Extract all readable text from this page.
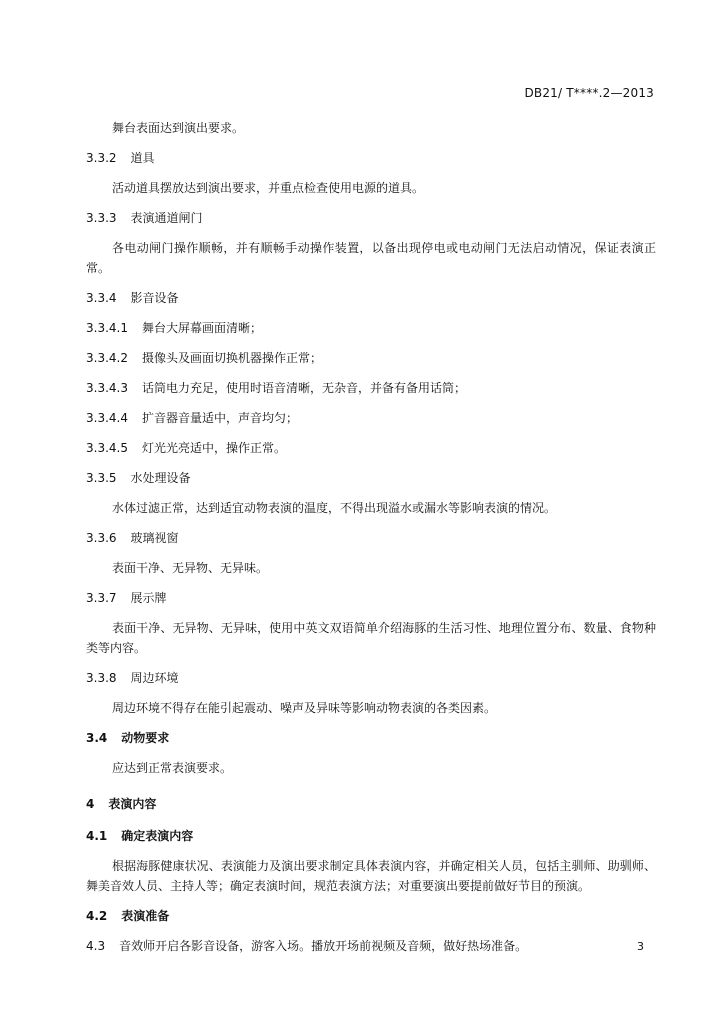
DB21/ T****.2—2013
舞台表面达到演出要求。
3.3.2 道具
活动道具摆放达到演出要求，并重点检查使用电源的道具。
3.3.3 表演通道闸门
各电动闸门操作顺畅，并有顺畅手动操作装置，以备出现停电或电动闸门无法启动情况，保证表演正常。
3.3.4 影音设备
3.3.4.1 舞台大屏幕画面清晰；
3.3.4.2 摄像头及画面切换机器操作正常；
3.3.4.3 话筒电力充足，使用时语音清晰，无杂音，并备有备用话筒；
3.3.4.4 扩音器音量适中，声音均匀；
3.3.4.5 灯光光亮适中，操作正常。
3.3.5 水处理设备
水体过滤正常，达到适宜动物表演的温度，不得出现溢水或漏水等影响表演的情况。
3.3.6 玻璃视窗
表面干净、无异物、无异味。
3.3.7 展示牌
表面干净、无异物、无异味，使用中英文双语简单介绍海豚的生活习性、地理位置分布、数量、食物种类等内容。
3.3.8 周边环境
周边环境不得存在能引起震动、噪声及异味等影响动物表演的各类因素。
3.4 动物要求
应达到正常表演要求。
4 表演内容
4.1 确定表演内容
根据海豚健康状况、表演能力及演出要求制定具体表演内容，并确定相关人员，包括主驯师、助驯师、舞美音效人员、主持人等；确定表演时间，规范表演方法；对重要演出要提前做好节目的预演。
4.2 表演准备
4.3 音效师开启各影音设备，游客入场。播放开场前视频及音频，做好热场准备。	3
